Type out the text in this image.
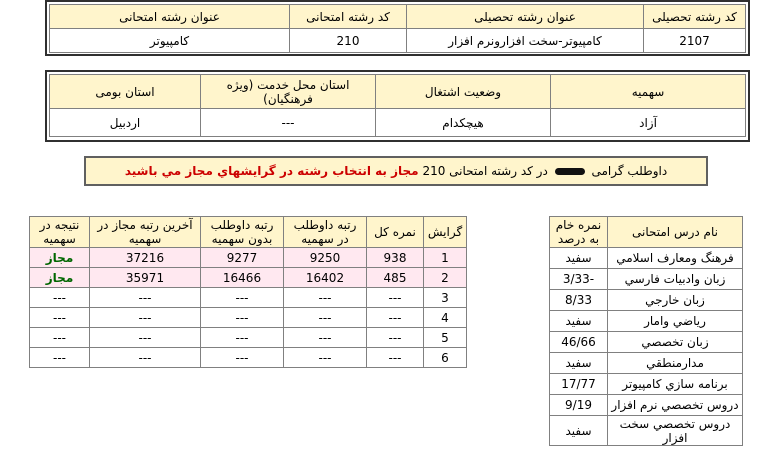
کد رشته تحصیلی	عنوان رشته تحصیلی	کد رشته امتحانی	عنوان رشته امتحانی
2107	کامپیوتر-سخت افزارونرم افزار	210	کامپیوتر
سهمیه	وضعیت اشتغال	استان محل خدمت (ویژه فرهنگیان)	استان بومی
آزاد	هیچکدام	---	اردبیل
داوطلب گرامی  در کد رشته امتحانی 210 مجاز به انتخاب رشته در گرايشهاي مجاز مي باشيد
گرایش	نمره کل	رتبه داوطلب در سهمیه	رتبه داوطلب بدون سهمیه	آخرین رتبه مجاز در سهمیه	نتیجه در سهمیه
1	938	9250	9277	37216	مجاز
2	485	16402	16466	35971	مجاز
3	---	---	---	---	---
4	---	---	---	---	---
5	---	---	---	---	---
6	---	---	---	---	---
نام درس امتحانی	نمره خام به درصد
فرهنگ ومعارف اسلامي	سفيد
زبان وادبيات فارسي	-3/33
زبان خارجي	8/33
رياضي وامار	سفيد
زبان تخصصي	46/66
مدارمنطقي	سفيد
برنامه سازي كامپيوتر	17/77
دروس تخصصي نرم افزار	9/19
دروس تخصصي سخت افزار	سفيد
